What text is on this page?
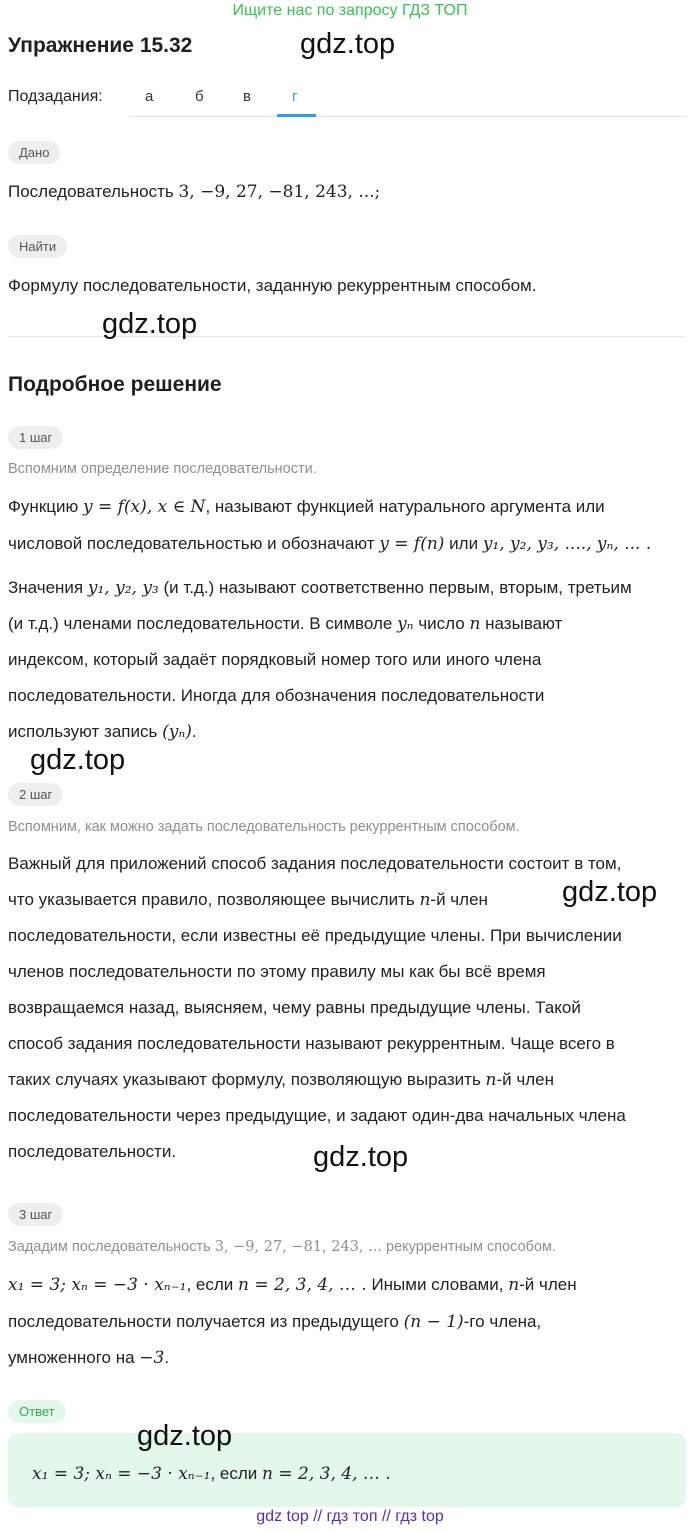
Ищите нас по запросу ГДЗ ТОП
Упражнение 15.32	gdz.top
Подзадания:	а	б	в	г
Дано
Последовательность 3, −9, 27, −81, 243, ...;
Найти
Формулу последовательности, заданную рекуррентным способом.
gdz.top
Подробное решение
1 шаг
Вспомним определение последовательности.
Функцию y = f(x), x ∈ N, называют функцией натурального аргумента или
числовой последовательностью и обозначают y = f(n) или y₁, y₂, y₃, ...., yₙ, ... .
Значения y₁, y₂, y₃ (и т.д.) называют соответственно первым, вторым, третьим
(и т.д.) членами последовательности. В символе yₙ число n называют
индексом, который задаёт порядковый номер того или иного члена
последовательности. Иногда для обозначения последовательности
используют запись (yₙ).
gdz.top
2 шаг
Вспомним, как можно задать последовательность рекуррентным способом.
Важный для приложений способ задания последовательности состоит в том,
что указывается правило, позволяющее вычислить n-й член	gdz.top
последовательности, если известны её предыдущие члены. При вычислении
членов последовательности по этому правилу мы как бы всё время
возвращаемся назад, выясняем, чему равны предыдущие члены. Такой
способ задания последовательности называют рекуррентным. Чаще всего в
таких случаях указывают формулу, позволяющую выразить n-й член
последовательности через предыдущие, и задают один-два начальных члена
последовательности.	gdz.top
3 шаг
Зададим последовательность 3, −9, 27, −81, 243, ... рекуррентным способом.
x₁ = 3; xₙ = −3 · xₙ₋₁, если n = 2, 3, 4, … . Иными словами, n-й член
последовательности получается из предыдущего (n − 1)-го члена,
умноженного на −3.
Ответ
gdz.top
x₁ = 3; xₙ = −3 · xₙ₋₁, если n = 2, 3, 4, … .
gdz top // гдз топ // гдз top
